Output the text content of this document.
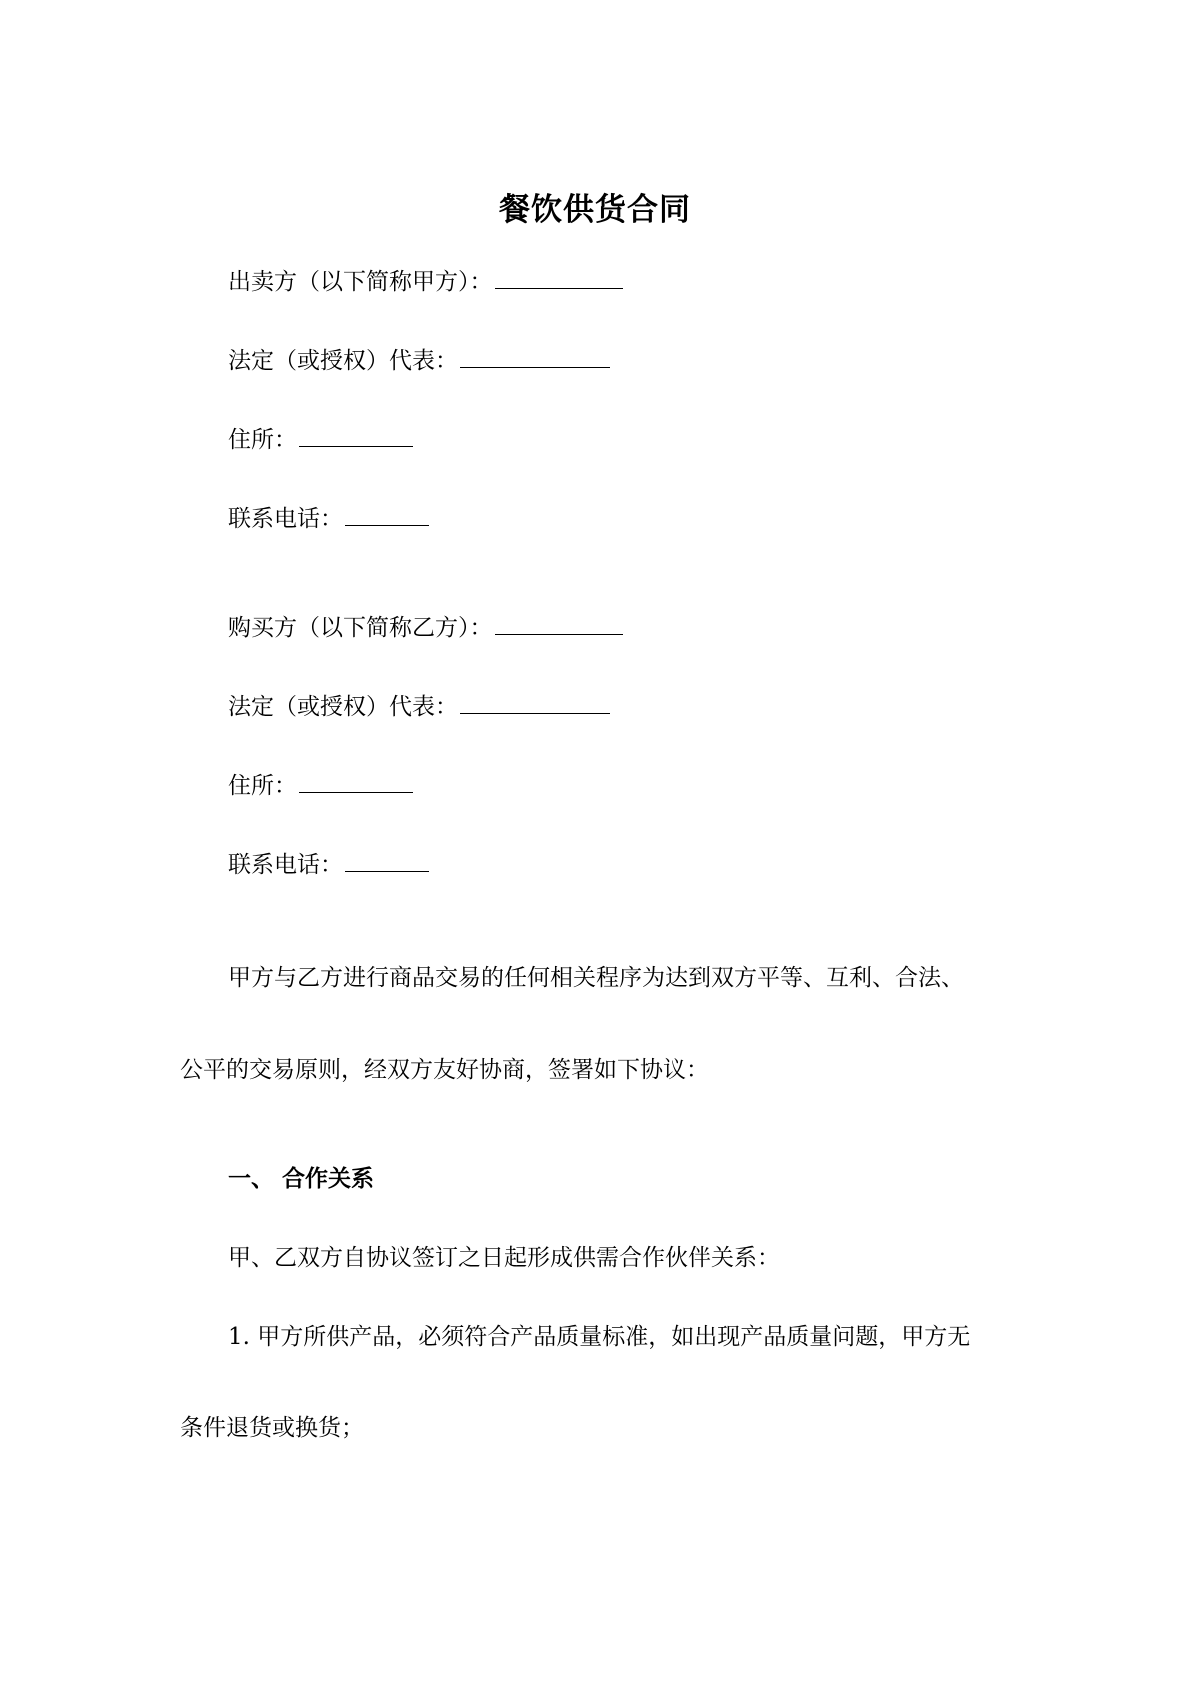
餐饮供货合同
出卖方（以下简称甲方）：
法定（或授权）代表：
住所：
联系电话：
购买方（以下简称乙方）：
法定（或授权）代表：
住所：
联系电话：
甲方与乙方进行商品交易的任何相关程序为达到双方平等、互利、合法、
公平的交易原则，经双方友好协商，签署如下协议：
一、 合作关系
甲、乙双方自协议签订之日起形成供需合作伙伴关系：
1. 甲方所供产品，必须符合产品质量标准，如出现产品质量问题，甲方无
条件退货或换货；
